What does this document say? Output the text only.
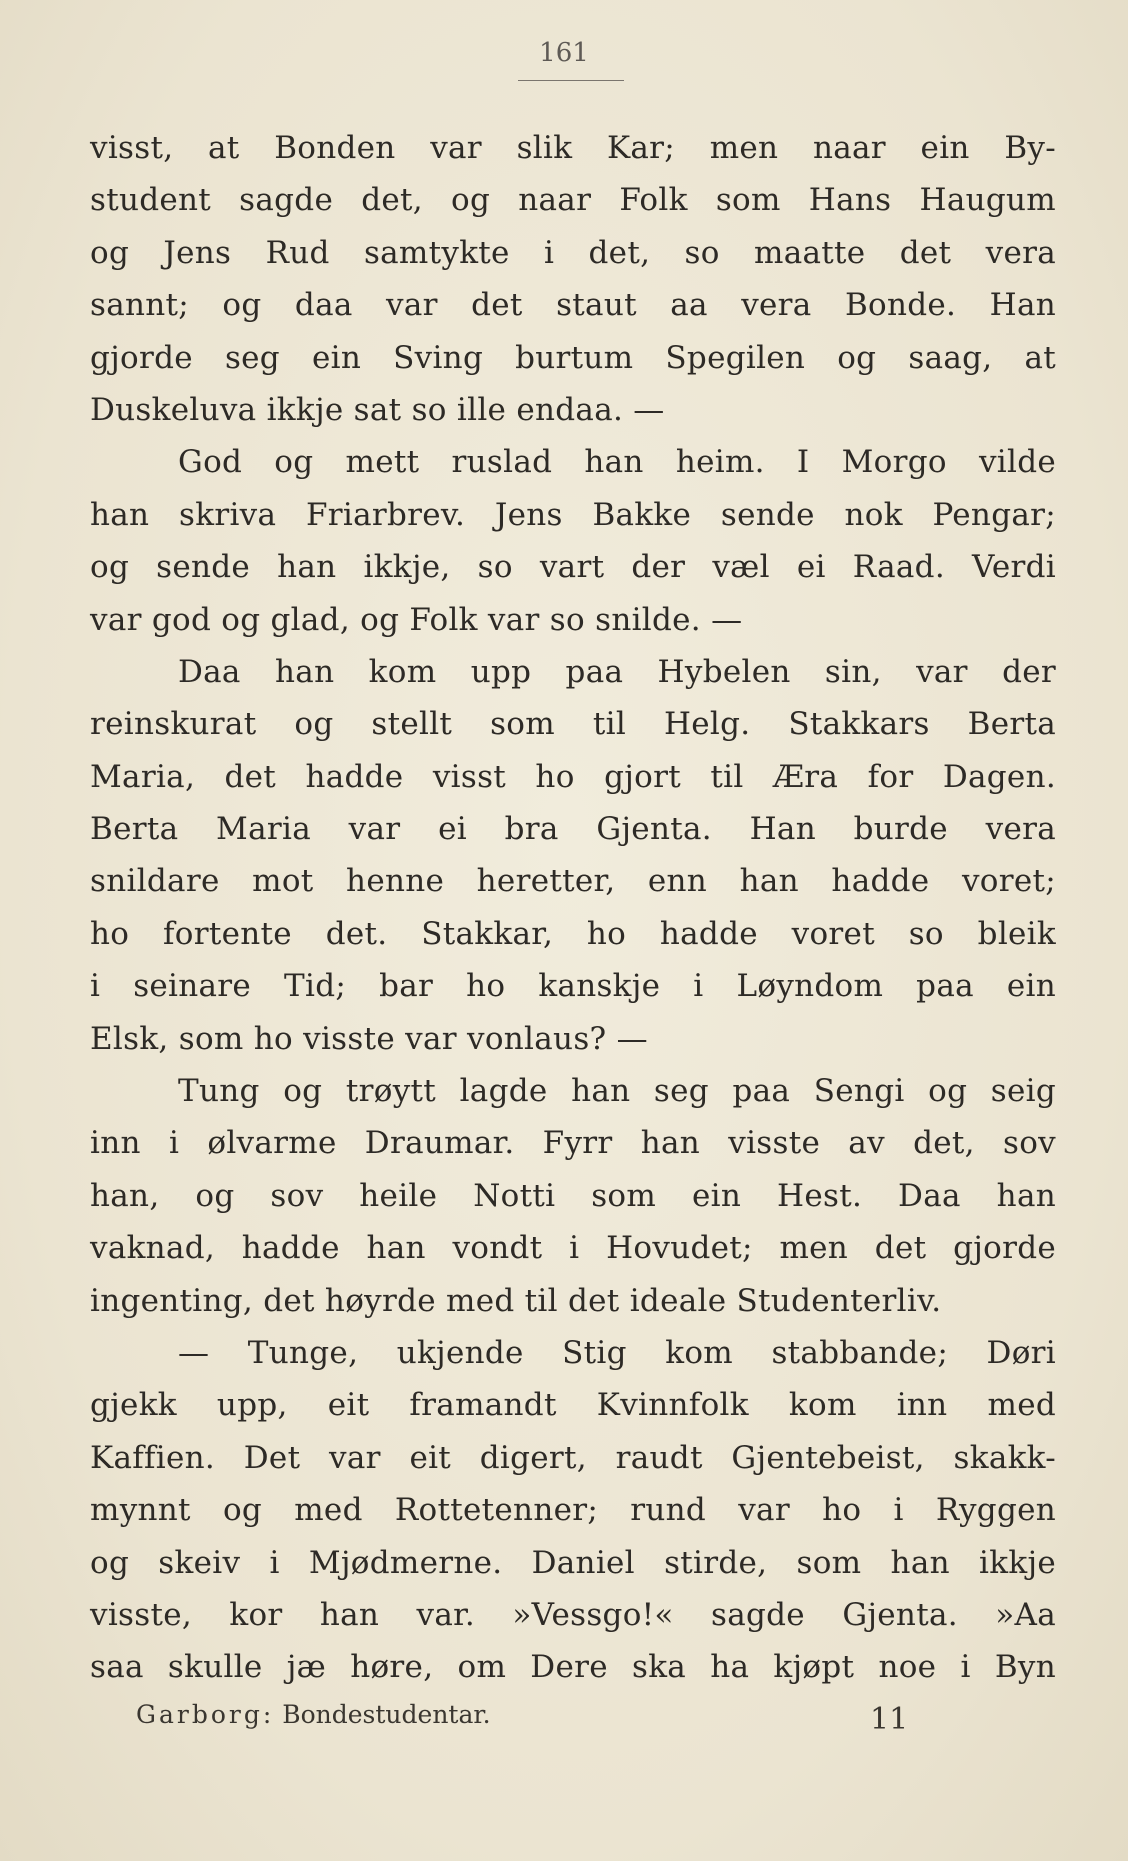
161
visst, at Bonden var slik Kar; men naar ein By-
student sagde det, og naar Folk som Hans Haugum
og Jens Rud samtykte i det, so maatte det vera
sannt; og daa var det staut aa vera Bonde. Han
gjorde seg ein Sving burtum Spegilen og saag, at
Duskeluva ikkje sat so ille endaa. —
God og mett ruslad han heim. I Morgo vilde
han skriva Friarbrev. Jens Bakke sende nok Pengar;
og sende han ikkje, so vart der væl ei Raad. Verdi
var god og glad, og Folk var so snilde. —
Daa han kom upp paa Hybelen sin, var der
reinskurat og stellt som til Helg. Stakkars Berta
Maria, det hadde visst ho gjort til Æra for Dagen.
Berta Maria var ei bra Gjenta. Han burde vera
snildare mot henne heretter, enn han hadde voret;
ho fortente det. Stakkar, ho hadde voret so bleik
i seinare Tid; bar ho kanskje i Løyndom paa ein
Elsk, som ho visste var vonlaus? —
Tung og trøytt lagde han seg paa Sengi og seig
inn i ølvarme Draumar. Fyrr han visste av det, sov
han, og sov heile Notti som ein Hest. Daa han
vaknad, hadde han vondt i Hovudet; men det gjorde
ingenting, det høyrde med til det ideale Studenterliv.
— Tunge, ukjende Stig kom stabbande; Døri
gjekk upp, eit framandt Kvinnfolk kom inn med
Kaffien. Det var eit digert, raudt Gjentebeist, skakk-
mynnt og med Rottetenner; rund var ho i Ryggen
og skeiv i Mjødmerne. Daniel stirde, som han ikkje
visste, kor han var. »Vessgo!« sagde Gjenta. »Aa
saa skulle jæ høre, om Dere ska ha kjøpt noe i Byn
Garborg: Bondestudentar.	11
